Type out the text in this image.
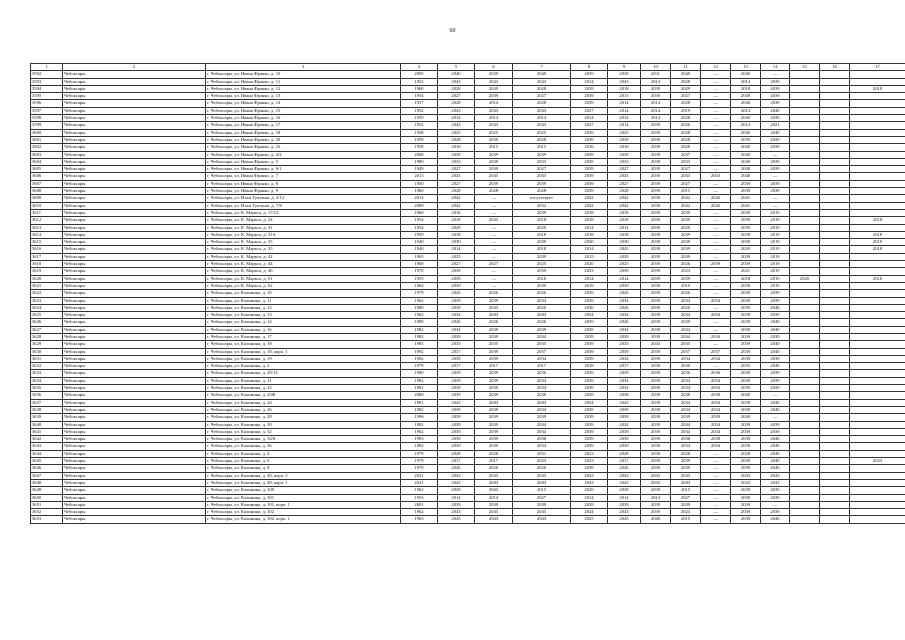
60
1	2	3	4	5	6	7	8	9	10	11	12	13	14	15	16	17
3592	Чебоксары	г. Чебоксары, ул. Ивана Франко, д. 10	2005	2040	2039	2040	2039	2039	2031	2040	—	2040	—			
3593	Чебоксары	г. Чебоксары, ул. Ивана Франко, д. 11	1952	2043	2043	2043	2014	2043	2014	2028	—	2014	2039			
3594	Чебоксары	г. Чебоксары, ул. Ивана Франко, д. 12	1960	2028	2039	2028	2039	2018	2039	2029	—	2018	2039			2018
3595	Чебоксары	г. Чебоксары, ул. Ивана Франко, д. 13	1954	2027	2039	2027	2039	2013	2039	2027	—	2040	2039			
3596	Чебоксары	г. Чебоксары, ул. Ивана Франко, д. 14	1957	2028	2014	2028	2039	2014	2014	2028	—	2040	2039			
3597	Чебоксары	г. Чебоксары, ул. Ивана Франко, д. 15	1952	2043	2043	2043	2027	2014	2014	2019	—	2014	2040			
3598	Чебоксары	г. Чебоксары, ул. Ивана Франко, д. 16	1959	2014	2014	2014	2014	2014	2014	2028	—	2040	2039			
3599	Чебоксары	г. Чебоксары, ул. Ивана Франко, д. 17	1952	2043	2043	2043	2027	2014	2039	2026	—	2014	2021			
3600	Чебоксары	г. Чебоксары, ул. Ивана Франко, д. 18	1958	2025	2025	2025	2039	2025	2039	2028	—	2040	2040			
3601	Чебоксары	г. Чебоксары, ул. Ивана Франко, д. 20	1959	2028	2039	2028	2039	2039	2039	2028	—	2039	2039			
3602	Чебоксары	г. Чебоксары, ул. Ивана Франко, д. 22	1958	2016	2015	2015	2016	2016	2039	2028	—	2040	2039			
3603	Чебоксары	г. Чебоксары, ул. Ивана Франко, д. 4/2	2006	2039	2039	2039	2039	2039	2039	2037	—	2040	—			
3604	Чебоксары	г. Чебоксары, ул. Ивана Франко, д. 5	1980	2033	2039	2033	2039	2033	2039	2033	—	2040	2039			
3605	Чебоксары	г. Чебоксары, ул. Ивана Франко, д. 6/1	1949	2027	2039	2027	2039	2027	2039	2027	—	2040	2039			
3606	Чебоксары	г. Чебоксары, ул. Ивана Франко, д. 7	2013	2043	2043	2043	2039	2043	2039	2043	2043	2040	—			
3607	Чебоксары	г. Чебоксары, ул. Ивана Франко, д. 8	1950	2027	2039	2039	2039	2027	2039	2027	—	2039	2039			
3608	Чебоксары	г. Чебоксары, ул. Ивана Франко, д. 9	1960	2028	2028	2028	2039	2028	2039	2015	—	2039	2039			
3609	Чебоксары	г. Чебоксары, ул. Ильи Тукташа, д. 3/12	2014	2042	—	отсутствует	2042	2042	2039	2042	2042	2041	—			
3610	Чебоксары	г. Чебоксары, ул. Ильи Тукташа, д. 7/8	2009	2042	—	2032	2042	2042	2039	2042	2042	2041	—			
3611	Чебоксары	г. Чебоксары, ул. К. Маркса, д. 17/12	1960	2016	—	2039	2018	2018	2039	2030	—	2039	2019			
3612	Чебоксары	г. Чебоксары, ул. К. Маркса, д. 24	1954	2018	2043	2018	2018	2018	2039	2039	—	2039	2019			2018
3613	Чебоксары	г. Чебоксары, ул. К. Маркса, д. 31	1954	2029	—	2029	2014	2014	2039	2029	—	2039	2019			
3614	Чебоксары	г. Чебоксары, ул. К. Маркса, д. 31А	1959	2018	—	2018	2018	2018	2039	2039	—	2039	2019			2018
3615	Чебоксары	г. Чебоксары, ул. К. Маркса, д. 33	1940	2030	—	2039	2030	2030	2039	2039	—	2039	2019			2019
3616	Чебоксары	г. Чебоксары, ул. К. Маркса, д. 35	1940	2014	—	2018	2014	2043	2039	2039	—	2039	2019			2018
3617	Чебоксары	г. Чебоксары, ул. К. Маркса, д. 42	1965	2025	—	2039	2015	2039	2039	2039	—	2039	2019			
3618	Чебоксары	г. Чебоксары, ул. К. Маркса, д. 44	1968	2027	2027	2025	2020	2025	2039	2026	2039	2039	2019			
3619	Чебоксары	г. Чебоксары, ул. К. Маркса, д. 46	1970	2039	—	2039	2023	2039	2039	2023	—	2021	2019			
3620	Чебоксары	г. Чебоксары, ул. К. Маркса, д. 51	1955	2039	—	2018	2014	2014	2039	2039	—	2018	2019	2020		2018
3621	Чебоксары	г. Чебоксары, ул. К. Маркса, д. 62	1964	2039	—	2039	2019	2039	2039	2019	—	2039	2019			
3622	Чебоксары	г. Чебоксары, ул. Калинина, д. 10	1979	2026	2026	2026	2039	2026	2039	2026	—	2039	2039			
3623	Чебоксары	г. Чебоксары, ул. Калинина, д. 11	1962	2039	2039	2034	2039	2034	2039	2034	2034	2039	2039			
3624	Чебоксары	г. Чебоксары, ул. Калинина, д. 12	1980	2039	2043	2026	2036	2026	2039	2026	—	2039	2040			
3625	Чебоксары	г. Чебоксары, ул. Калинина, д. 13	1962	2034	2043	2043	2034	2034	2039	2034	2034	2039	2039			
3626	Чебоксары	г. Чебоксары, ул. Калинина, д. 14	1980	2026	2026	2026	2039	2026	2039	2039	—	2039	2040			
3627	Чебоксары	г. Чебоксары, ул. Калинина, д. 16	1982	2034	2039	2039	2039	2034	2039	2034	—	2039	2040			
3628	Чебоксары	г. Чебоксары, ул. Калинина, д. 17	1982	2039	2039	2034	2039	2039	2039	2034	2034	2039	2039			
3629	Чебоксары	г. Чебоксары, ул. Калинина, д. 18	1985	2035	2035	2035	2039	2035	2043	2035	—	2039	2040			
3630	Чебоксары	г. Чебоксары, ул. Калинина, д. 18, корп. 1	1992	2037	2039	2037	2039	2039	2039	2037	2037	2039	2040			
3631	Чебоксары	г. Чебоксары, ул. Калинина, д. 19	1982	2039	2039	2034	2039	2034	2039	2034	2034	2039	2039			
3632	Чебоксары	г. Чебоксары, ул. Калинина, д. 2	1979	2017	2017	2017	2018	2017	2039	2030	—	2033	2040			
3633	Чебоксары	г. Чебоксары, ул. Калинина, д. 20/13	1980	2039	2039	2036	2039	2039	2039	2036	2036	2039	2039			
3634	Чебоксары	г. Чебоксары, ул. Калинина, д. 21	1982	2039	2039	2034	2039	2034	2039	2034	2034	2039	2039			
3635	Чебоксары	г. Чебоксары, ул. Калинина, д. 22	1981	2039	2039	2034	2039	2034	2039	2034	2034	2039	2039			
3636	Чебоксары	г. Чебоксары, ул. Калинина, д. 23Ф	2000	2039	2039	2038	2039	2038	2039	2038	2038	2040	—			
3637	Чебоксары	г. Чебоксары, ул. Калинина, д. 24	1981	2043	2043	2043	2034	2043	2039	2034	2034	2039	2040			
3638	Чебоксары	г. Чебоксары, ул. Калинина, д. 26	1982	2039	2039	2034	2039	2039	2039	2034	2034	2039	2040			
3639	Чебоксары	г. Чебоксары, ул. Калинина, д. 28	1996	2039	2039	2039	2039	2039	2039	2039	2039	2040	—			
3640	Чебоксары	г. Чебоксары, ул. Калинина, д. 30	1982	2039	2039	2034	2039	2034	2039	2034	2034	2039	2039			
3641	Чебоксары	г. Чебоксары, ул. Калинина, д. 32	1962	2039	2039	2034	2039	2039	2039	2034	2034	2039	2039			
3642	Чебоксары	г. Чебоксары, ул. Калинина, д. 34/8	1993	2039	2039	2038	2039	2039	2039	2038	2038	2039	2040			
3643	Чебоксары	г. Чебоксары, ул. Калинина, д. 36	1982	2039	2039	2034	2039	2039	2039	2034	2034	2039	2040			
3644	Чебоксары	г. Чебоксары, ул. Калинина, д. 4	1979	2028	2028	2031	2023	2028	2039	2028	—	2028	2040			
3645	Чебоксары	г. Чебоксары, ул. Калинина, д. 6	1979	2017	2017	2023	2023	2017	2039	2039	—	2039	2040			2023
3646	Чебоксары	г. Чебоксары, ул. Калинина, д. 8	1979	2026	2026	2026	2039	2026	2039	2039	—	2039	2040			
3647	Чебоксары	г. Чебоксары, ул. Калинина, д. 40, корп. 2	2021	2043	2043	2043	2043	2043	2043	2043	—	2043	2043			
3648	Чебоксары	г. Чебоксары, ул. Калинина, д. 40, корп. 1	2021	2043	2043	2043	2043	2043	2043	2043	—	2043	2043			
3649	Чебоксары	г. Чебоксары, ул. Калинина, д. 100	1962	2029	2043	2015	2029	2039	2039	2015	—	2039	2039			
3650	Чебоксары	г. Чебоксары, ул. Калинина, д. 101	1953	2014	2014	2027	2014	2014	2014	2027	—	2039	2039			
3651	Чебоксары	г. Чебоксары, ул. Калинина, д. 101, корп. 1	2001	2039	2039	2039	2039	2039	2039	2039	—	2039	—			
3652	Чебоксары	г. Чебоксары, ул. Калинина, д. 102	1962	2043	2043	2043	2024	2043	2039	2024	—	2039	2039			
3653	Чебоксары	г. Чебоксары, ул. Калинина, д. 102, корп. 1	1963	2043	2043	2043	2025	2043	2040	2015	—	2039	2040			
